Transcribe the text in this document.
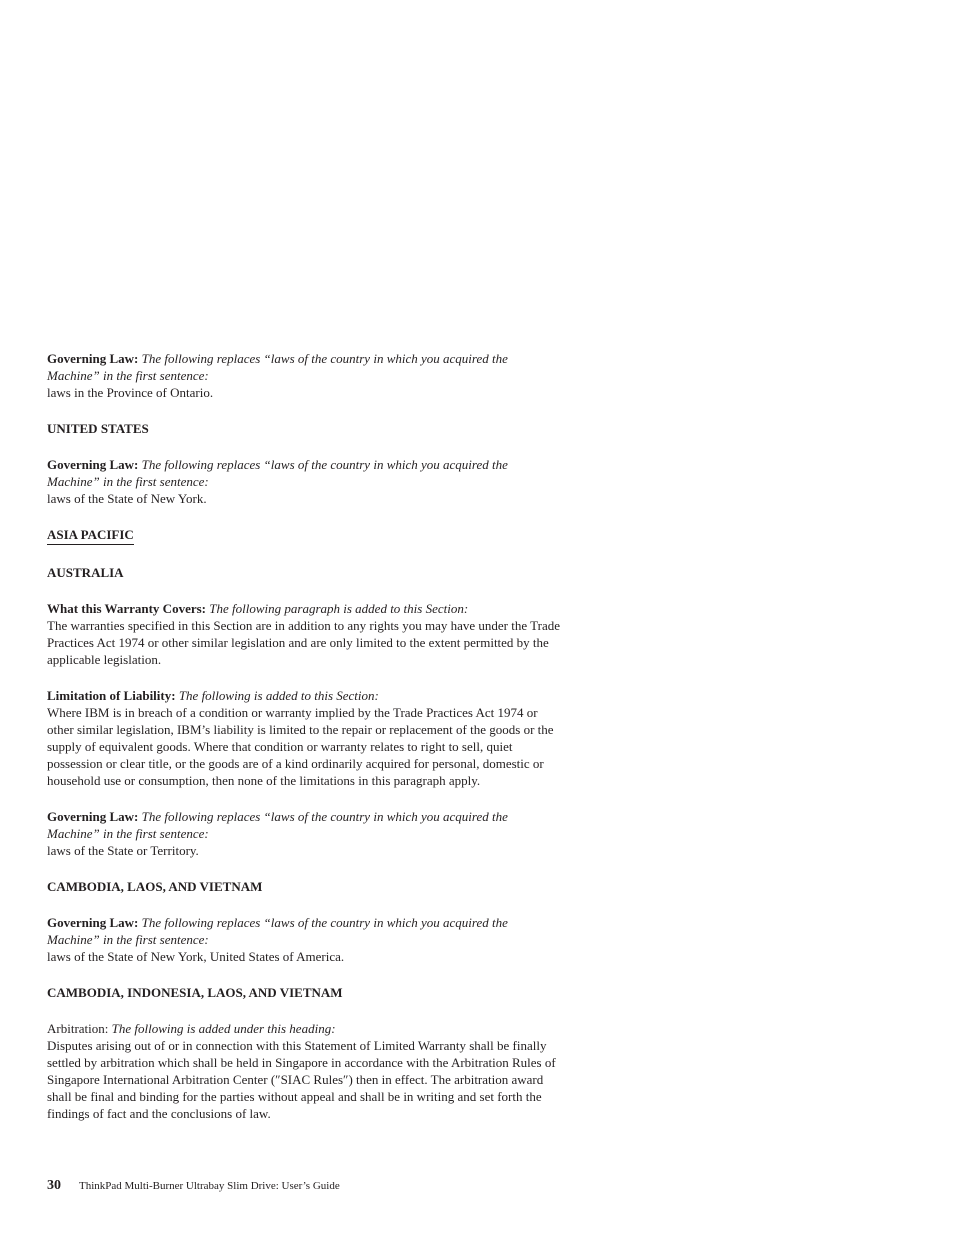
Governing Law: The following replaces “laws of the country in which you acquired the Machine” in the first sentence:
laws in the Province of Ontario.
UNITED STATES
Governing Law: The following replaces “laws of the country in which you acquired the Machine” in the first sentence:
laws of the State of New York.
ASIA PACIFIC
AUSTRALIA
What this Warranty Covers: The following paragraph is added to this Section:
The warranties specified in this Section are in addition to any rights you may have under the Trade Practices Act 1974 or other similar legislation and are only limited to the extent permitted by the applicable legislation.
Limitation of Liability: The following is added to this Section:
Where IBM is in breach of a condition or warranty implied by the Trade Practices Act 1974 or other similar legislation, IBM’s liability is limited to the repair or replacement of the goods or the supply of equivalent goods. Where that condition or warranty relates to right to sell, quiet possession or clear title, or the goods are of a kind ordinarily acquired for personal, domestic or household use or consumption, then none of the limitations in this paragraph apply.
Governing Law: The following replaces “laws of the country in which you acquired the Machine” in the first sentence:
laws of the State or Territory.
CAMBODIA, LAOS, AND VIETNAM
Governing Law: The following replaces “laws of the country in which you acquired the Machine” in the first sentence:
laws of the State of New York, United States of America.
CAMBODIA, INDONESIA, LAOS, AND VIETNAM
Arbitration: The following is added under this heading:
Disputes arising out of or in connection with this Statement of Limited Warranty shall be finally settled by arbitration which shall be held in Singapore in accordance with the Arbitration Rules of Singapore International Arbitration Center (″SIAC Rules″) then in effect. The arbitration award shall be final and binding for the parties without appeal and shall be in writing and set forth the findings of fact and the conclusions of law.
30 ThinkPad Multi-Burner Ultrabay Slim Drive: User’s Guide
